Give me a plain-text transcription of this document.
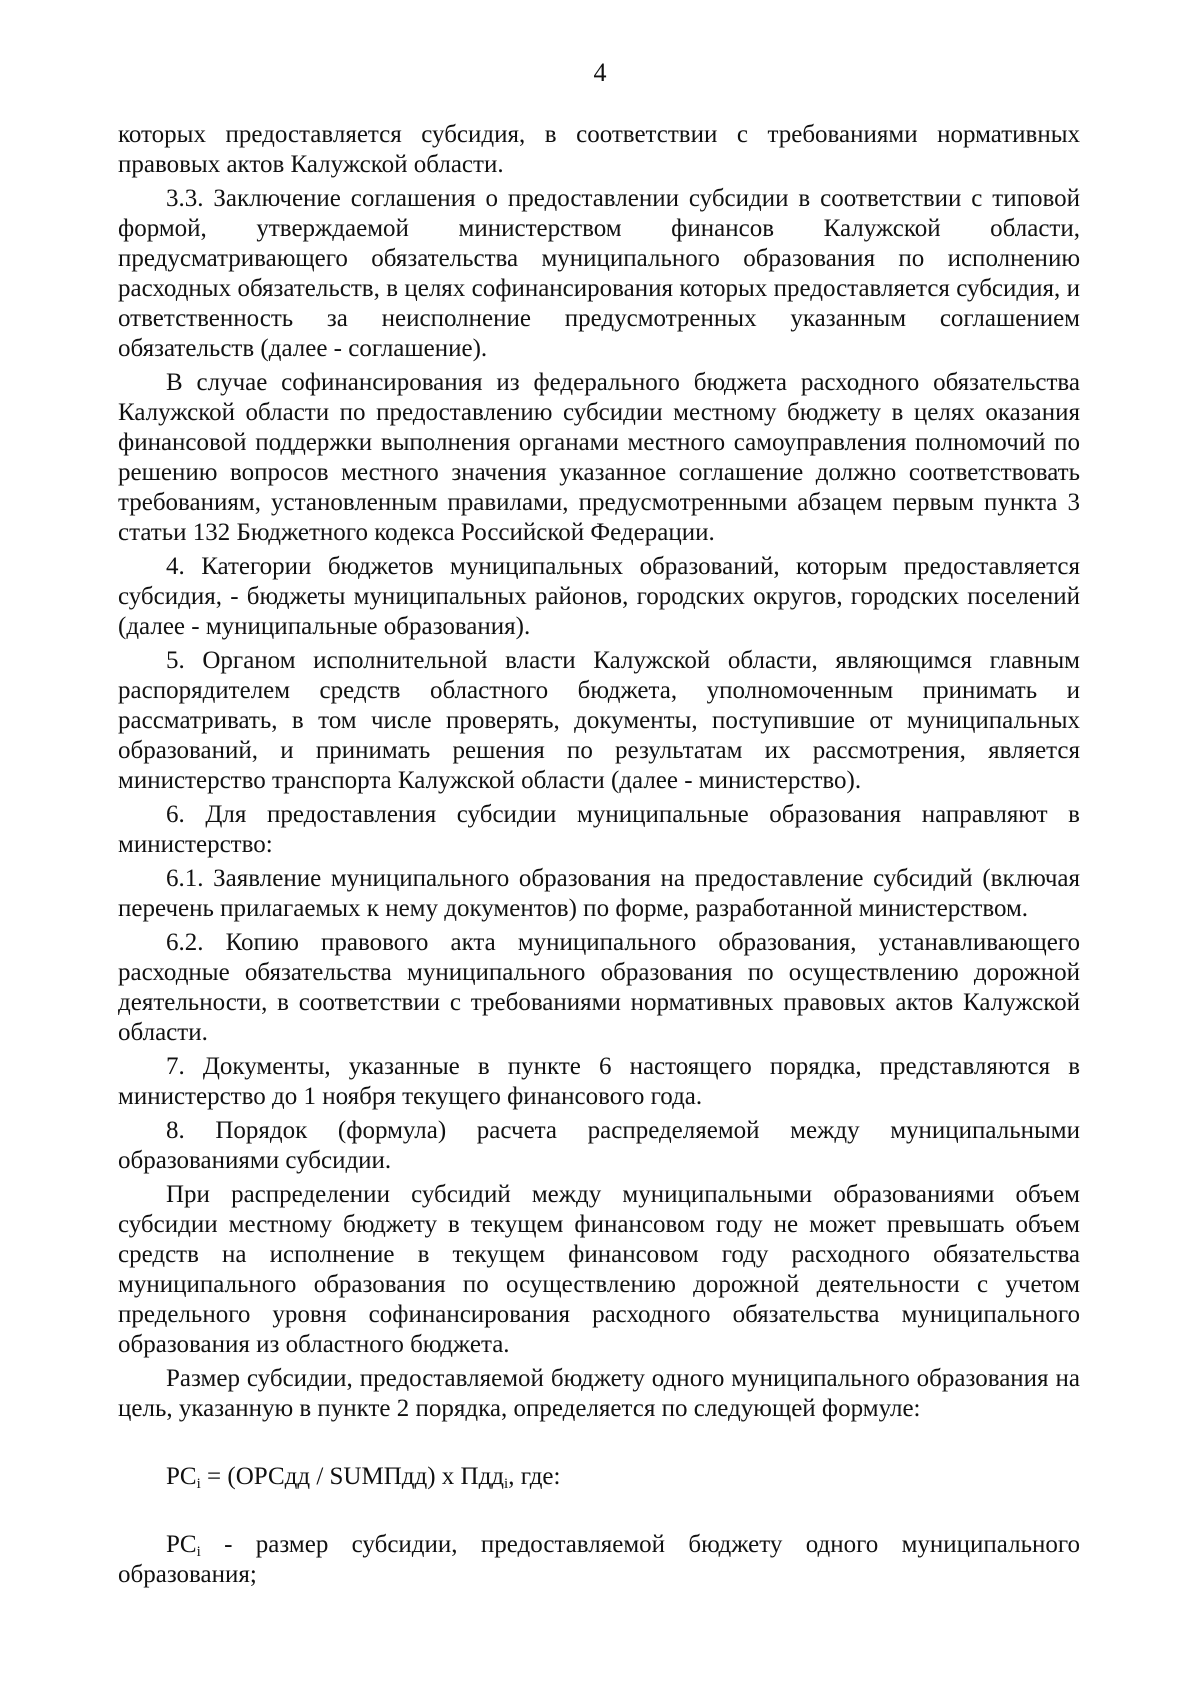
4

которых предоставляется субсидия, в соответствии с требованиями нормативных правовых актов Калужской области.

3.3. Заключение соглашения о предоставлении субсидии в соответствии с типовой формой, утверждаемой министерством финансов Калужской области, предусматривающего обязательства муниципального образования по исполнению расходных обязательств, в целях софинансирования которых предоставляется субсидия, и ответственность за неисполнение предусмотренных указанным соглашением обязательств (далее - соглашение).

В случае софинансирования из федерального бюджета расходного обязательства Калужской области по предоставлению субсидии местному бюджету в целях оказания финансовой поддержки выполнения органами местного самоуправления полномочий по решению вопросов местного значения указанное соглашение должно соответствовать требованиям, установленным правилами, предусмотренными абзацем первым пункта 3 статьи 132 Бюджетного кодекса Российской Федерации.

4. Категории бюджетов муниципальных образований, которым предоставляется субсидия, - бюджеты муниципальных районов, городских округов, городских поселений (далее - муниципальные образования).

5. Органом исполнительной власти Калужской области, являющимся главным распорядителем средств областного бюджета, уполномоченным принимать и рассматривать, в том числе проверять, документы, поступившие от муниципальных образований, и принимать решения по результатам их рассмотрения, является министерство транспорта Калужской области (далее - министерство).

6. Для предоставления субсидии муниципальные образования направляют в министерство:

6.1. Заявление муниципального образования на предоставление субсидий (включая перечень прилагаемых к нему документов) по форме, разработанной министерством.

6.2. Копию правового акта муниципального образования, устанавливающего расходные обязательства муниципального образования по осуществлению дорожной деятельности, в соответствии с требованиями нормативных правовых актов Калужской области.

7. Документы, указанные в пункте 6 настоящего порядка, представляются в министерство до 1 ноября текущего финансового года.

8. Порядок (формула) расчета распределяемой между муниципальными образованиями субсидии.

При распределении субсидий между муниципальными образованиями объем субсидии местному бюджету в текущем финансовом году не может превышать объем средств на исполнение в текущем финансовом году расходного обязательства муниципального образования по осуществлению дорожной деятельности с учетом предельного уровня софинансирования расходного обязательства муниципального образования из областного бюджета.

Размер субсидии, предоставляемой бюджету одного муниципального образования на цель, указанную в пункте 2 порядка, определяется по следующей формуле:

$PC_i$ = (ОРСдд / SUMПдд) х Пдд$_i$, где:

$PC_i$ - размер субсидии, предоставляемой бюджету одного муниципального образования;
